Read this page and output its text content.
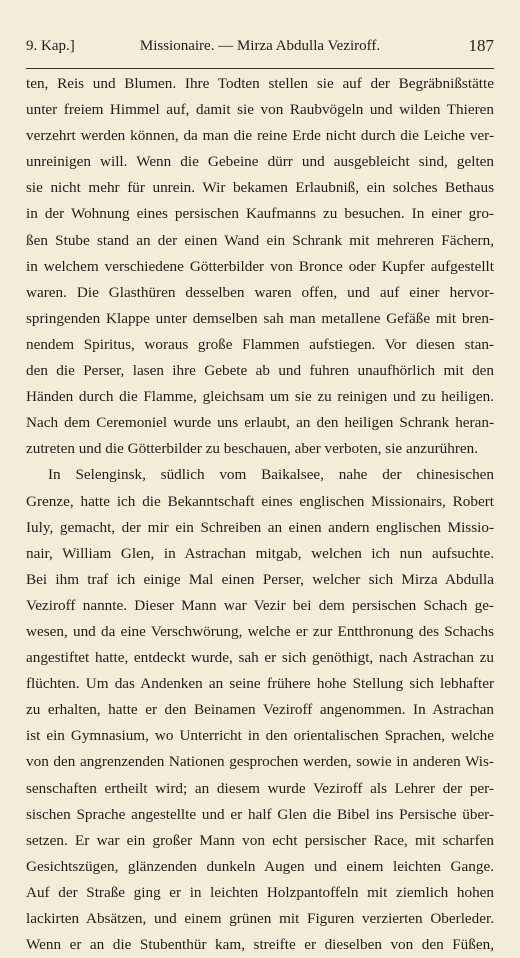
9. Kap.]	Missionaire. — Mirza Abdulla Veziroff.	187
ten, Reis und Blumen. Ihre Todten stellen sie auf der Begräbnißstätte
unter freiem Himmel auf, damit sie von Raubvögeln und wilden Thieren
verzehrt werden können, da man die reine Erde nicht durch die Leiche ver-
unreinigen will. Wenn die Gebeine dürr und ausgebleicht sind, gelten
sie nicht mehr für unrein. Wir bekamen Erlaubniß, ein solches Bethaus
in der Wohnung eines persischen Kaufmanns zu besuchen. In einer gro-
ßen Stube stand an der einen Wand ein Schrank mit mehreren Fächern,
in welchem verschiedene Götterbilder von Bronce oder Kupfer aufgestellt
waren. Die Glasthüren desselben waren offen, und auf einer hervor-
springenden Klappe unter demselben sah man metallene Gefäße mit bren-
nendem Spiritus, woraus große Flammen aufstiegen. Vor diesen stan-
den die Perser, lasen ihre Gebete ab und fuhren unaufhörlich mit den
Händen durch die Flamme, gleichsam um sie zu reinigen und zu heiligen.
Nach dem Ceremoniel wurde uns erlaubt, an den heiligen Schrank heran-
zutreten und die Götterbilder zu beschauen, aber verboten, sie anzurühren.
In Selenginsk, südlich vom Baikalsee, nahe der chinesischen
Grenze, hatte ich die Bekanntschaft eines englischen Missionairs, Robert
Iuly, gemacht, der mir ein Schreiben an einen andern englischen Missio-
nair, William Glen, in Astrachan mitgab, welchen ich nun aufsuchte.
Bei ihm traf ich einige Mal einen Perser, welcher sich Mirza Abdulla
Veziroff nannte. Dieser Mann war Vezir bei dem persischen Schach ge-
wesen, und da eine Verschwörung, welche er zur Entthronung des Schachs
angestiftet hatte, entdeckt wurde, sah er sich genöthigt, nach Astrachan zu
flüchten. Um das Andenken an seine frühere hohe Stellung sich lebhafter
zu erhalten, hatte er den Beinamen Veziroff angenommen. In Astrachan
ist ein Gymnasium, wo Unterricht in den orientalischen Sprachen, welche
von den angrenzenden Nationen gesprochen werden, sowie in anderen Wis-
senschaften ertheilt wird; an diesem wurde Veziroff als Lehrer der per-
sischen Sprache angestellte und er half Glen die Bibel ins Persische über-
setzen. Er war ein großer Mann von echt persischer Race, mit scharfen
Gesichtszügen, glänzenden dunkeln Augen und einem leichten Gange.
Auf der Straße ging er in leichten Holzpantoffeln mit ziemlich hohen
lackirten Absätzen, und einem grünen mit Figuren verzierten Oberleder.
Wenn er an die Stubenthür kam, streifte er dieselben von den Füßen,
